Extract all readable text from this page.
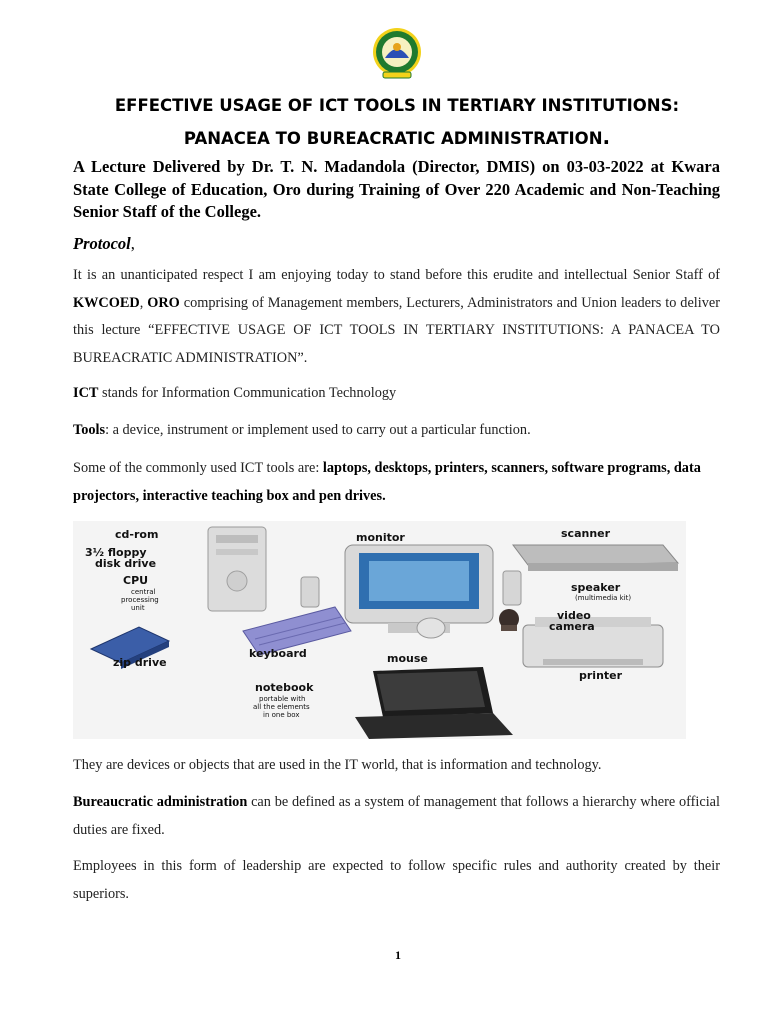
EFFECTIVE USAGE OF ICT TOOLS IN TERTIARY INSTITUTIONS:
PANACEA TO BUREACRATIC ADMINISTRATION.
A Lecture Delivered by Dr. T. N. Madandola (Director, DMIS) on 03-03-2022 at Kwara State College of Education, Oro during Training of Over 220 Academic and Non-Teaching Senior Staff of the College.
Protocol,
It is an unanticipated respect I am enjoying today to stand before this erudite and intellectual Senior Staff of KWCOED, ORO comprising of Management members, Lecturers, Administrators and Union leaders to deliver this lecture “EFFECTIVE USAGE OF ICT TOOLS IN TERTIARY INSTITUTIONS: A PANACEA TO BUREACRATIC ADMINISTRATION”.
ICT stands for Information Communication Technology
Tools: a device, instrument or implement used to carry out a particular function.
Some of the commonly used ICT tools are: laptops, desktops, printers, scanners, software programs, data projectors, interactive teaching box and pen drives.
cd-rom
3½ floppy
disk drive
CPU
central
processing
unit
monitor	scanner
speaker
(multimedia kit)
video
camera
zip drive
keyboard	mouse
printer
notebook
portable with
all the elements
in one box
They are devices or objects that are used in the IT world, that is information and technology.
Bureaucratic administration can be defined as a system of management that follows a hierarchy where official duties are fixed.
Employees in this form of leadership are expected to follow specific rules and authority created by their superiors.
1
